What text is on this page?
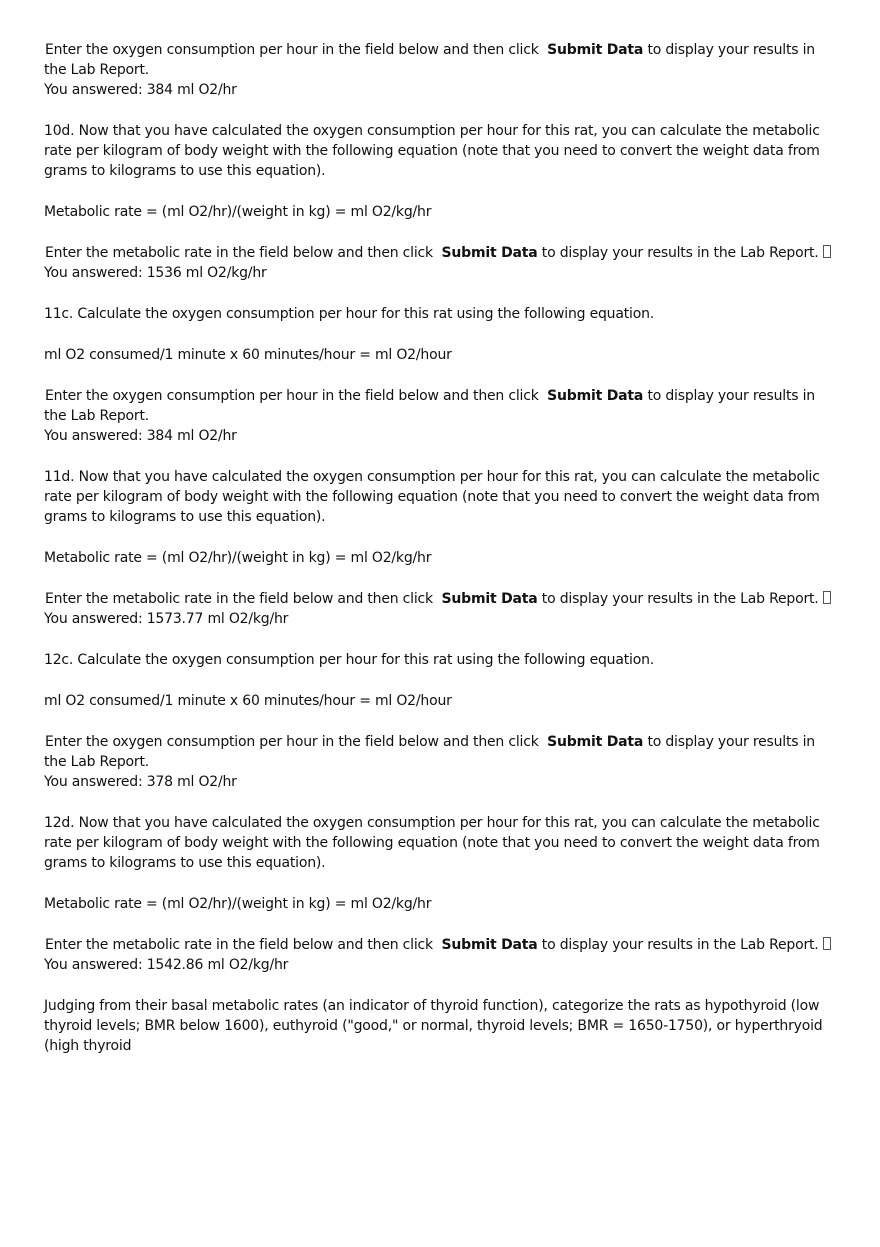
Enter the oxygen consumption per hour in the field below and then click Submit Data to display your results in the Lab Report.
You answered: 384 ml O2/hr

10d. Now that you have calculated the oxygen consumption per hour for this rat, you can calculate the metabolic rate per kilogram of body weight with the following equation (note that you need to convert the weight data from grams to kilograms to use this equation).

Metabolic rate = (ml O2/hr)/(weight in kg) = ml O2/kg/hr

Enter the metabolic rate in the field below and then click Submit Data to display your results in the Lab Report.
You answered: 1536 ml O2/kg/hr

11c. Calculate the oxygen consumption per hour for this rat using the following equation.

ml O2 consumed/1 minute x 60 minutes/hour = ml O2/hour

Enter the oxygen consumption per hour in the field below and then click Submit Data to display your results in the Lab Report.
You answered: 384 ml O2/hr

11d. Now that you have calculated the oxygen consumption per hour for this rat, you can calculate the metabolic rate per kilogram of body weight with the following equation (note that you need to convert the weight data from grams to kilograms to use this equation).

Metabolic rate = (ml O2/hr)/(weight in kg) = ml O2/kg/hr

Enter the metabolic rate in the field below and then click Submit Data to display your results in the Lab Report.
You answered: 1573.77 ml O2/kg/hr

12c. Calculate the oxygen consumption per hour for this rat using the following equation.

ml O2 consumed/1 minute x 60 minutes/hour = ml O2/hour

Enter the oxygen consumption per hour in the field below and then click Submit Data to display your results in the Lab Report.
You answered: 378 ml O2/hr

12d. Now that you have calculated the oxygen consumption per hour for this rat, you can calculate the metabolic rate per kilogram of body weight with the following equation (note that you need to convert the weight data from grams to kilograms to use this equation).

Metabolic rate = (ml O2/hr)/(weight in kg) = ml O2/kg/hr

Enter the metabolic rate in the field below and then click Submit Data to display your results in the Lab Report.
You answered: 1542.86 ml O2/kg/hr

Judging from their basal metabolic rates (an indicator of thyroid function), categorize the rats as hypothyroid (low thyroid levels; BMR below 1600), euthyroid ("good," or normal, thyroid levels; BMR = 1650-1750), or hyperthryoid (high thyroid
